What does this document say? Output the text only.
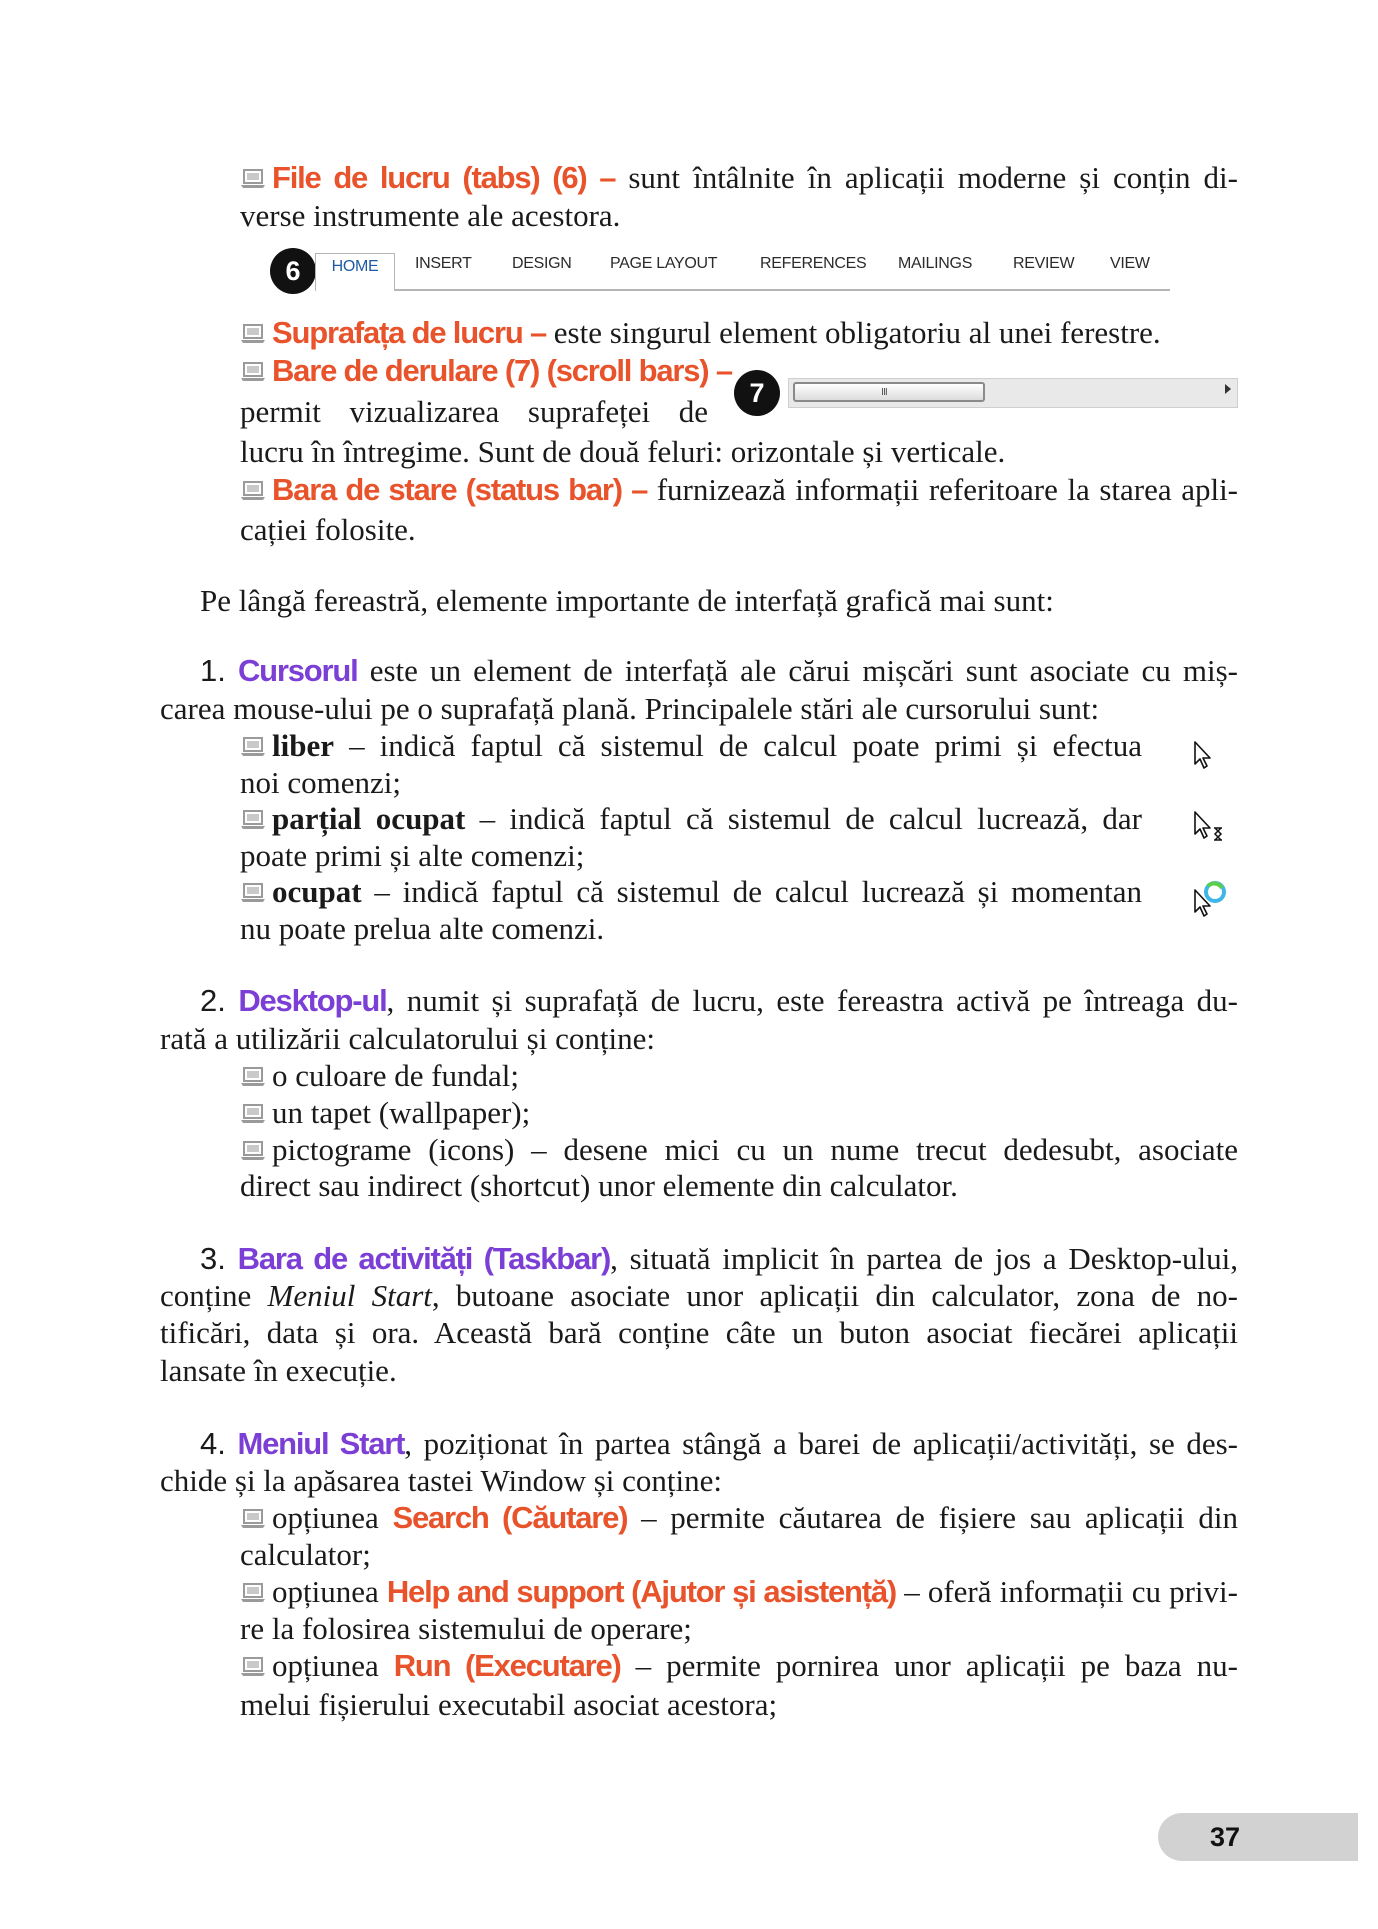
File de lucru (tabs) (6) – sunt întâlnite în aplicații moderne și conțin di-
verse instrumente ale acestora.
6	HOME	INSERT	DESIGN PAGE LAYOUT	REFERENCES MAILINGS	REVIEW VIEW
Suprafața de lucru – este singurul element obligatoriu al unei ferestre.
Bare de derulare (7) (scroll bars) –
permit vizualizarea suprafeței de
lucru în întregime. Sunt de două feluri: orizontale și verticale.
7	III
Bara de stare (status bar) – furnizează informații referitoare la starea apli-
cației folosite.
Pe lângă fereastră, elemente importante de interfață grafică mai sunt:
1. Cursorul este un element de interfață ale cărui mișcări sunt asociate cu miș-
carea mouse-ului pe o suprafață plană. Principalele stări ale cursorului sunt:
liber – indică faptul că sistemul de calcul poate primi și efectua
noi comenzi;
parțial ocupat – indică faptul că sistemul de calcul lucrează, dar
poate primi și alte comenzi;
ocupat – indică faptul că sistemul de calcul lucrează și momentan
nu poate prelua alte comenzi.
2. Desktop-ul, numit și suprafață de lucru, este fereastra activă pe întreaga du-
rată a utilizării calculatorului și conține:
o culoare de fundal;
un tapet (wallpaper);
pictograme (icons) – desene mici cu un nume trecut dedesubt, asociate
direct sau indirect (shortcut) unor elemente din calculator.
3. Bara de activități (Taskbar), situată implicit în partea de jos a Desktop-ului,
conține Meniul Start, butoane asociate unor aplicații din calculator, zona de no-
tificări, data și ora. Această bară conține câte un buton asociat fiecărei aplicații
lansate în execuție.
4. Meniul Start, poziționat în partea stângă a barei de aplicații/activități, se des-
chide și la apăsarea tastei Window și conține:
opțiunea Search (Căutare) – permite căutarea de fișiere sau aplicații din
calculator;
opțiunea Help and support (Ajutor și asistență) – oferă informații cu privi-
re la folosirea sistemului de operare;
opțiunea Run (Executare) – permite pornirea unor aplicații pe baza nu-
melui fișierului executabil asociat acestora;
37
